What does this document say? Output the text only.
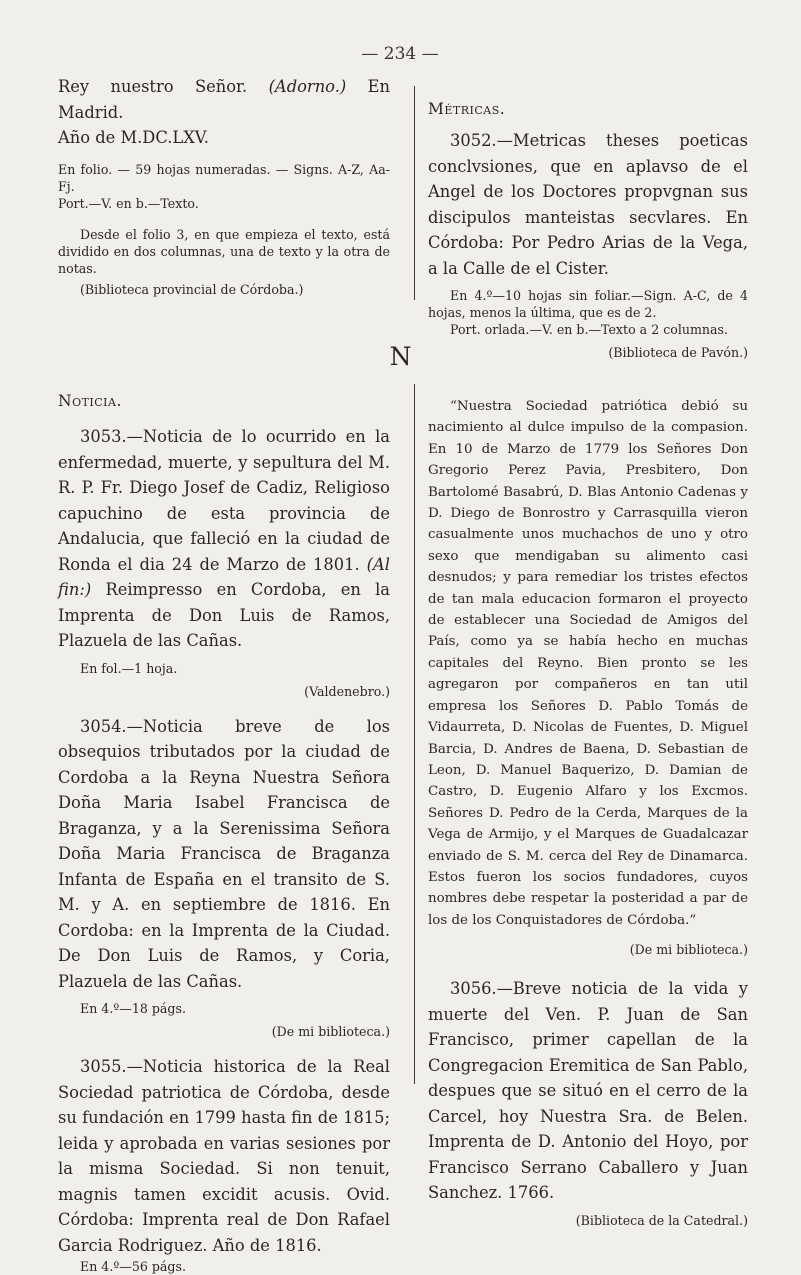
— 234 —

Rey nuestro Señor. (Adorno.) En Madrid.
Año de M.DC.LXV.

En folio. — 59 hojas numeradas. — Signs. A-Z, Aa-Fj.

Port.—V. en b.—Texto.

Desde el folio 3, en que empieza el texto, está dividido en dos columnas, una de texto y la otra de notas.

(Biblioteca provincial de Córdoba.)

Métricas.

3052.—Metricas theses poeticas conclvsiones, que en aplavso de el Angel de los Doctores propvgnan sus discipulos manteistas secvlares. En Córdoba: Por Pedro Arias de la Vega, a la Calle de el Cister.

En 4.º—10 hojas sin foliar.—Sign. A-C, de 4 hojas, menos la última, que es de 2.

Port. orlada.—V. en b.—Texto a 2 columnas.

(Biblioteca de Pavón.)

N
Noticia.

3053.—Noticia de lo ocurrido en la enfermedad, muerte, y sepultura del M. R. P. Fr. Diego Josef de Cadiz, Religioso capuchino de esta provincia de Andalucia, que falleció en la ciudad de Ronda el dia 24 de Marzo de 1801. (Al fin:) Reimpresso en Cordoba, en la Imprenta de Don Luis de Ramos, Plazuela de las Cañas.

En fol.—1 hoja.

(Valdenebro.)

3054.—Noticia breve de los obsequios tributados por la ciudad de Cordoba a la Reyna Nuestra Señora Doña Maria Isabel Francisca de Braganza, y a la Serenissima Señora Doña Maria Francisca de Braganza Infanta de España en el transito de S. M. y A. en septiembre de 1816. En Cordoba: en la Imprenta de la Ciudad. De Don Luis de Ramos, y Coria, Plazuela de las Cañas.

En 4.º—18 págs.

(De mi biblioteca.)

3055.—Noticia historica de la Real Sociedad patriotica de Córdoba, desde su fundación en 1799 hasta fin de 1815; leida y aprobada en varias sesiones por la misma Sociedad. Si non tenuit, magnis tamen excidit acusis. Ovid. Córdoba: Imprenta real de Don Rafael Garcia Rodriguez. Año de 1816.

En 4.º—56 págs.

“Nuestra Sociedad patriótica debió su nacimiento al dulce impulso de la compasion. En 10 de Marzo de 1779 los Señores Don Gregorio Perez Pavia, Presbitero, Don Bartolomé Basabrú, D. Blas Antonio Cadenas y D. Diego de Bonrostro y Carrasquilla vieron casualmente unos muchachos de uno y otro sexo que mendigaban su alimento casi desnudos; y para remediar los tristes efectos de tan mala educacion formaron el proyecto de establecer una Sociedad de Amigos del País, como ya se había hecho en muchas capitales del Reyno. Bien pronto se les agregaron por compañeros en tan util empresa los Señores D. Pablo Tomás de Vidaurreta, D. Nicolas de Fuentes, D. Miguel Barcia, D. Andres de Baena, D. Sebastian de Leon, D. Manuel Baquerizo, D. Damian de Castro, D. Eugenio Alfaro y los Excmos. Señores D. Pedro de la Cerda, Marques de la Vega de Armijo, y el Marques de Guadalcazar enviado de S. M. cerca del Rey de Dinamarca. Estos fueron los socios fundadores, cuyos nombres debe respetar la posteridad a par de los de los Conquistadores de Córdoba.”

(De mi biblioteca.)

3056.—Breve noticia de la vida y muerte del Ven. P. Juan de San Francisco, primer capellan de la Congregacion Eremitica de San Pablo, despues que se situó en el cerro de la Carcel, hoy Nuestra Sra. de Belen. Imprenta de D. Antonio del Hoyo, por Francisco Serrano Caballero y Juan Sanchez. 1766.

(Biblioteca de la Catedral.)
